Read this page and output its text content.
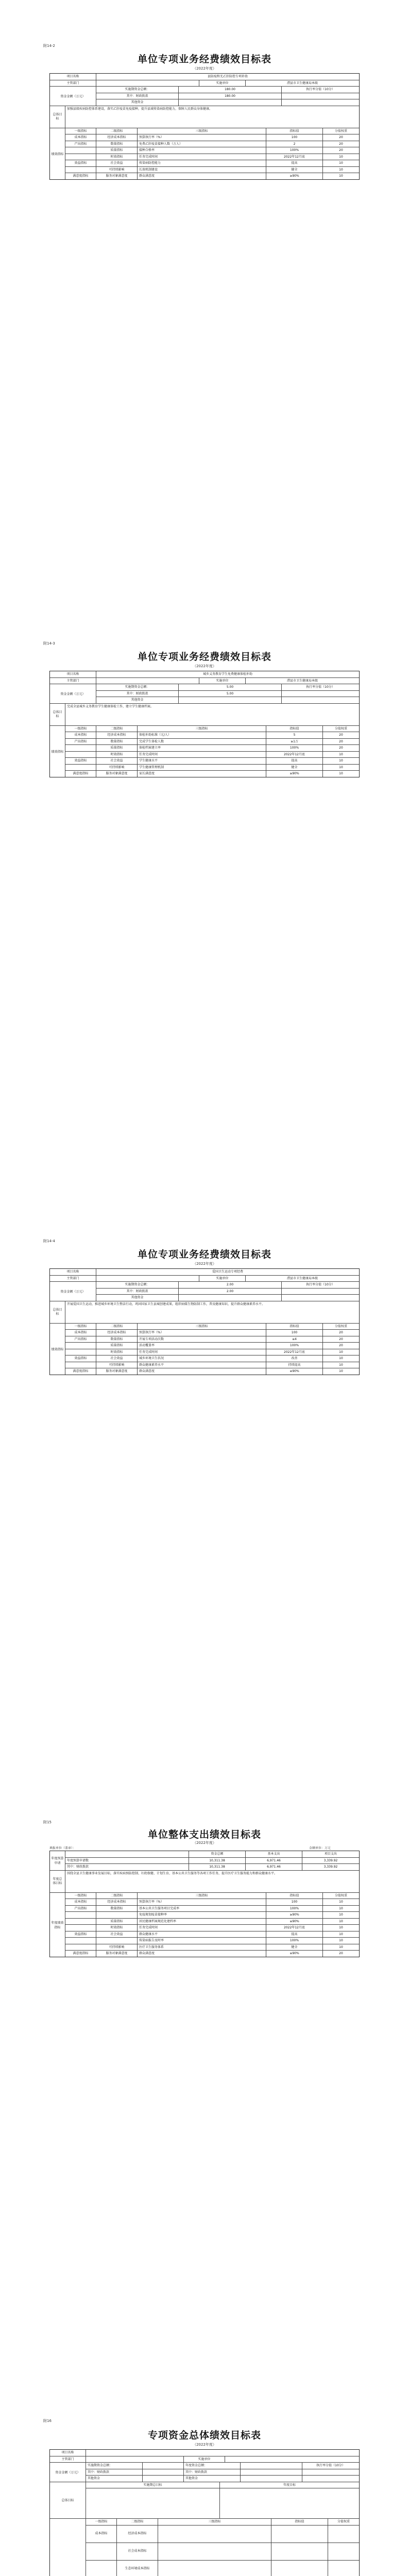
附14-2
单位专项业务经费绩效目标表
（2022年度）
项目名称	县防疫和无乙肝防控专项补助
主管部门	实施单位	澧县市卫生健康局本级
资金金额（万元）
实施期资金总额：	180.00	执行率分值（10分）
其中：财政拨款	180.00
其他资金
总体目标
加强县级疾病防控体系建设，落实乙肝疫苗免疫接种，提升县域传染病防控能力，保障人民群众身体健康。
绩效指标
一级指标	二级指标	三级指标	指标值	分值权重
成本指标	经济成本指标	预算执行率（%）	100	20
产出指标	数量指标	免费乙肝疫苗接种人数（万人）	2	20
质量指标	接种合格率	100%	20
时效指标	任务完成时间	2022年12月底	10
效益指标	社会效益	传染病防控能力	提高	10
可持续影响	长效机制建设	健全	10
满意度指标	服务对象满意度	群众满意度	≥90%	10
附14-3
单位专项业务经费绩效目标表
（2022年度）
项目名称	城乡义务教育学生免费健康体检补助
主管部门	实施单位	澧县市卫生健康局本级
资金金额（万元）
实施期资金总额：	5.00	执行率分值（10分）
其中：财政拨款	5.00
其他资金
总体目标
完成全县城乡义务教育学生健康体检工作，建立学生健康档案。
绩效指标
一级指标	二级指标	三级指标	指标值	分值权重
成本指标	经济成本指标	体检补助标准（元/人）	5	20
产出指标	数量指标	完成学生体检人数	≥1万	20
质量指标	体检档案建立率	100%	20
时效指标	任务完成时间	2022年12月底	10
效益指标	社会效益	学生健康水平	提高	10
可持续影响	学生健康管理机制	健全	10
满意度指标	服务对象满意度	家长满意度	≥90%	10
附14-4
单位专项业务经费绩效目标表
（2022年度）
项目名称	爱国卫生运动专项经费
主管部门	实施单位	澧县市卫生健康局本级
资金金额（万元）
实施期资金总额：	2.00	执行率分值（10分）
其中：财政拨款	2.00
其他资金
总体目标
开展爱国卫生运动，推进城乡环境卫生整洁行动，巩固国家卫生县城创建成果，组织病媒生物防制工作，普及健康知识，提升群众健康素养水平。
绩效指标
一级指标	二级指标	三级指标	指标值	分值权重
成本指标	经济成本指标	预算执行率（%）	100	20
产出指标	数量指标	开展专项活动次数	≥4	20
质量指标	活动覆盖率	100%	20
时效指标	任务完成时间	2022年12月底	10
效益指标	社会效益	城乡环境卫生状况	改善	10
可持续影响	群众健康素养水平	持续提高	10
满意度指标	服务对象满意度	群众满意度	≥90%	10
附15
单位整体支出绩效目标表
（2022年度）
填报单位（盖章）：	金额单位：万元
年度预算申请
资金总额	基本支出	项目支出
年度预算申请数	10,311.38	6,971.46	3,339.92
其中：财政拨款	10,311.38	6,971.46	3,339.92
年度总体目标
围绕全县卫生健康事业发展目标，落实疾病预防控制、妇幼保健、计划生育、基本公共卫生服务等各项工作任务，提升医疗卫生服务能力和群众健康水平。
年度绩效指标
一级指标	二级指标	三级指标	指标值	分值权重
成本指标	经济成本指标	预算执行率（%）	100	10
产出指标	数量指标	基本公共卫生服务项目完成率	100%	10
免疫规划疫苗接种率	≥90%	10
质量指标	居民健康档案规范化建档率	≥90%	10
时效指标	任务完成时间	2022年12月底	10
效益指标	社会效益	群众健康水平	提高	10
传染病报告及时率	100%	10
可持续影响	医疗卫生服务体系	健全	10
满意度指标	服务对象满意度	群众满意度	≥90%	20
附16
专项资金总体绩效目标表
（2022年度）
项目名称
主管部门	实施单位
资金金额（万元）
实施期资金总额：	年度资金总额：	执行率分值（10分）
其中：财政拨款	其中：财政拨款
其他资金	其他资金
总体目标
实施期总目标	年度目标
一级指标	二级指标	三级指标	指标值	分值权重
成本指标	经济成本指标
社会成本指标
生态环境成本指标
